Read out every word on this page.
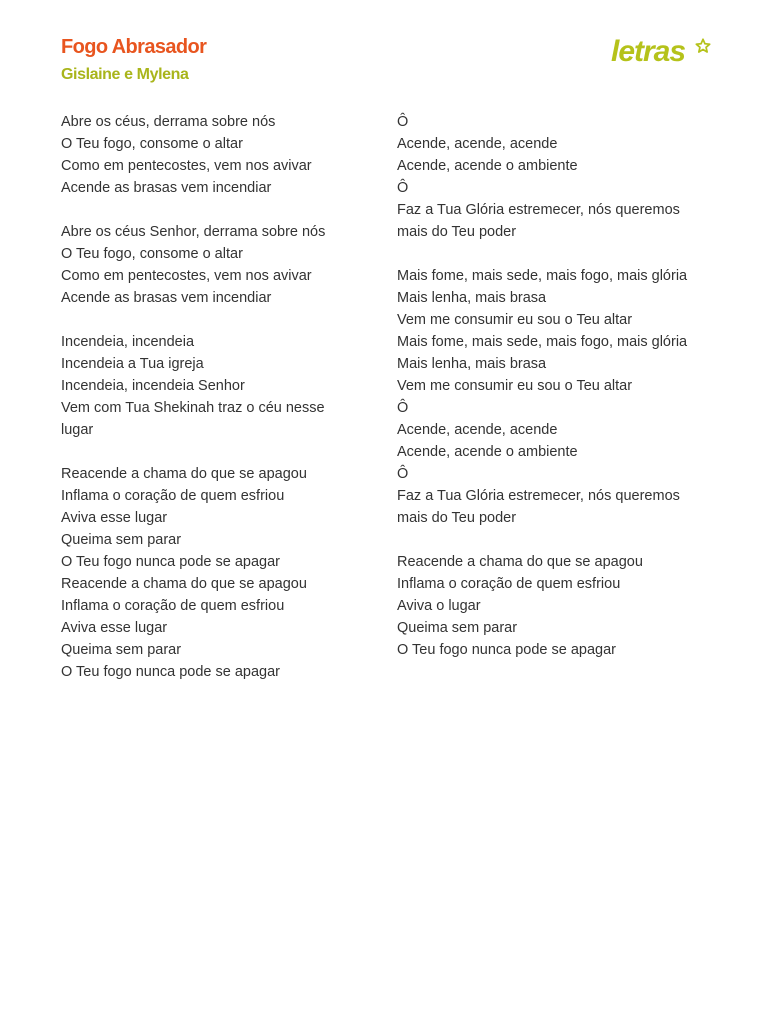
Fogo Abrasador
Gislaine e Mylena
letras
Abre os céus, derrama sobre nós
O Teu fogo, consome o altar
Como em pentecostes, vem nos avivar
Acende as brasas vem incendiar
Abre os céus Senhor, derrama sobre nós
O Teu fogo, consome o altar
Como em pentecostes, vem nos avivar
Acende as brasas vem incendiar
Incendeia, incendeia
Incendeia a Tua igreja
Incendeia, incendeia Senhor
Vem com Tua Shekinah traz o céu nesse
lugar
Reacende a chama do que se apagou
Inflama o coração de quem esfriou
Aviva esse lugar
Queima sem parar
O Teu fogo nunca pode se apagar
Reacende a chama do que se apagou
Inflama o coração de quem esfriou
Aviva esse lugar
Queima sem parar
O Teu fogo nunca pode se apagar
Ô
Acende, acende, acende
Acende, acende o ambiente
Ô
Faz a Tua Glória estremecer, nós queremos
mais do Teu poder
Mais fome, mais sede, mais fogo, mais glória
Mais lenha, mais brasa
Vem me consumir eu sou o Teu altar
Mais fome, mais sede, mais fogo, mais glória
Mais lenha, mais brasa
Vem me consumir eu sou o Teu altar
Ô
Acende, acende, acende
Acende, acende o ambiente
Ô
Faz a Tua Glória estremecer, nós queremos
mais do Teu poder
Reacende a chama do que se apagou
Inflama o coração de quem esfriou
Aviva o lugar
Queima sem parar
O Teu fogo nunca pode se apagar
